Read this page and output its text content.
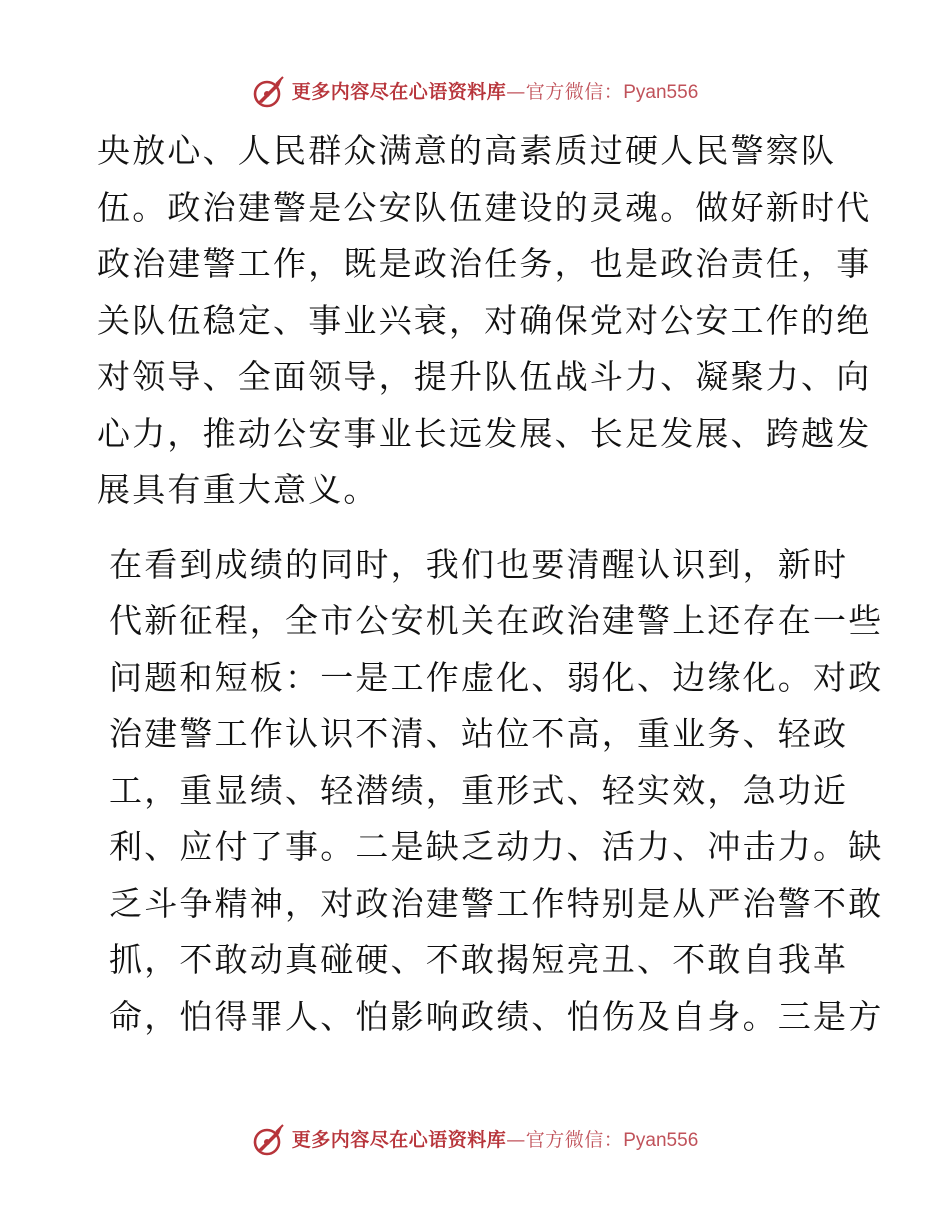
更多内容尽在心语资料库 — 官方微信： Pyan556

央放心、人民群众满意的高素质过硬人民警察队
伍。政治建警是公安队伍建设的灵魂。做好新时代
政治建警工作，既是政治任务，也是政治责任，事
关队伍稳定、事业兴衰，对确保党对公安工作的绝
对领导、全面领导，提升队伍战斗力、凝聚力、向
心力，推动公安事业长远发展、长足发展、跨越发
展具有重大意义。

在看到成绩的同时，我们也要清醒认识到，新时
代新征程，全市公安机关在政治建警上还存在一些
问题和短板：一是工作虚化、弱化、边缘化。对政
治建警工作认识不清、站位不高，重业务、轻政
工，重显绩、轻潜绩，重形式、轻实效，急功近
利、应付了事。二是缺乏动力、活力、冲击力。缺
乏斗争精神，对政治建警工作特别是从严治警不敢
抓，不敢动真碰硬、不敢揭短亮丑、不敢自我革
命，怕得罪人、怕影响政绩、怕伤及自身。三是方

更多内容尽在心语资料库 — 官方微信： Pyan556
